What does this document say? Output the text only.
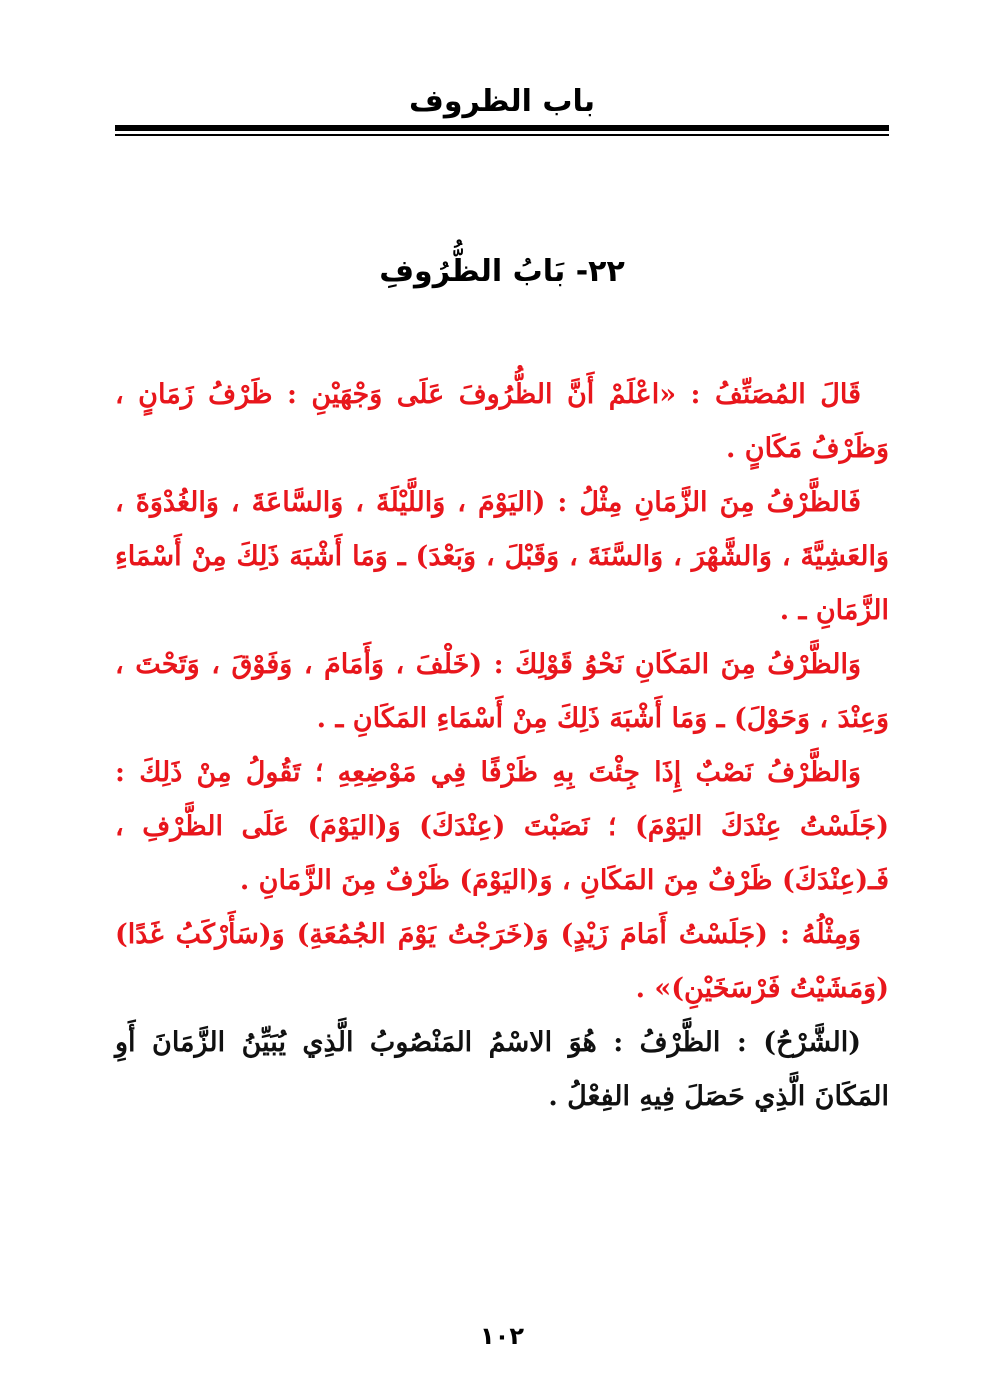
باب الظروف
٢٢- بَابُ الظُّرُوفِ

قَالَ المُصَنِّفُ : «اعْلَمْ أَنَّ الظُّرُوفَ عَلَى وَجْهَيْنِ : ظَرْفُ زَمَانٍ ، وَظَرْفُ مَكَانٍ .

فَالظَّرْفُ مِنَ الزَّمَانِ مِثْلُ : (اليَوْمَ ، وَاللَّيْلَةَ ، وَالسَّاعَةَ ، وَالغُدْوَةَ ، وَالعَشِيَّةَ ، وَالشَّهْرَ ، وَالسَّنَةَ ، وَقَبْلَ ، وَبَعْدَ) ـ وَمَا أَشْبَهَ ذَلِكَ مِنْ أَسْمَاءِ الزَّمَانِ ـ .

وَالظَّرْفُ مِنَ المَكَانِ نَحْوُ قَوْلِكَ : (خَلْفَ ، وَأَمَامَ ، وَفَوْقَ ، وَتَحْتَ ، وَعِنْدَ ، وَحَوْلَ) ـ وَمَا أَشْبَهَ ذَلِكَ مِنْ أَسْمَاءِ المَكَانِ ـ .

وَالظَّرْفُ نَصْبٌ إِذَا جِئْتَ بِهِ ظَرْفًا فِي مَوْضِعِهِ ؛ تَقُولُ مِنْ ذَلِكَ : (جَلَسْتُ عِنْدَكَ اليَوْمَ) ؛ نَصَبْتَ (عِنْدَكَ) وَ(اليَوْمَ) عَلَى الظَّرْفِ ، فَـ(عِنْدَكَ) ظَرْفٌ مِنَ المَكَانِ ، وَ(اليَوْمَ) ظَرْفٌ مِنَ الزَّمَانِ .

وَمِثْلُهُ : (جَلَسْتُ أَمَامَ زَيْدٍ) وَ(خَرَجْتُ يَوْمَ الجُمُعَةِ) وَ(سَأَرْكَبُ غَدًا) (وَمَشَيْتُ فَرْسَخَيْنِ)» .

(الشَّرْحُ) : الظَّرْفُ : هُوَ الاسْمُ المَنْصُوبُ الَّذِي يُبَيِّنُ الزَّمَانَ أَوِ المَكَانَ الَّذِي حَصَلَ فِيهِ الفِعْلُ .

١٠٢
